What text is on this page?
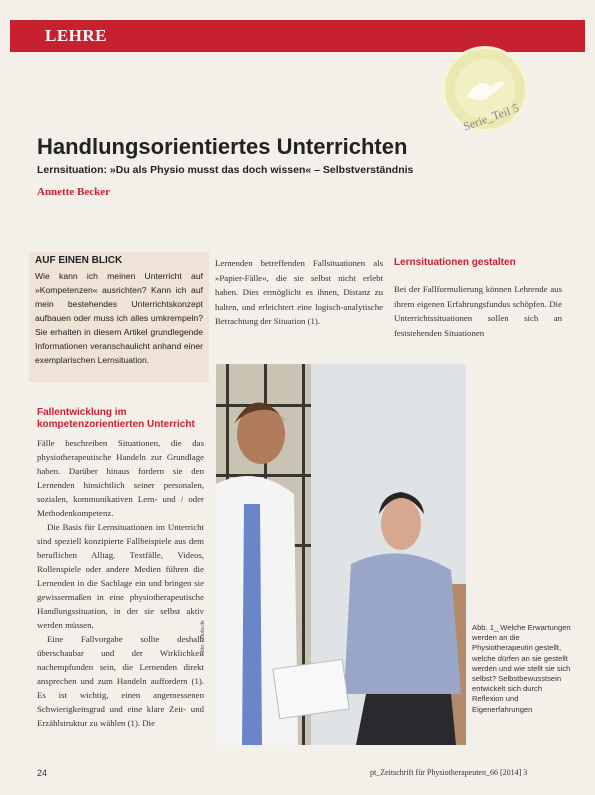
LEHRE
Serie_Teil 5
Handlungsorientiertes Unterrichten
Lernsituation: »Du als Physio musst das doch wissen« – Selbstverständnis
Annette Becker
AUF EINEN BLICK
Wie kann ich meinen Unterricht auf »Kompetenzen« ausrichten? Kann ich auf mein bestehendes Unterrichtskonzept aufbauen oder muss ich alles umkrempeln? Sie erhalten in diesem Artikel grundlegende Informationen veranschaulicht anhand einer exemplarischen Lernsituation.
Lernenden betreffenden Fallsituationen als »Papier-Fälle«, die sie selbst nicht erlebt haben. Dies ermöglicht es ihnen, Distanz zu halten, und erleichtert eine logisch-analytische Betrachtung der Situation (1).
Lernsituationen gestalten
Bei der Fallformulierung können Lehrende aus ihrem eigenen Erfahrungsfundus schöpfen. Die Unterrichtssituationen sollen sich an feststehenden Situationen
Fallentwicklung im kompetenzorientierten Unterricht

Fälle beschreiben Situationen, die das physiotherapeutische Handeln zur Grundlage haben. Darüber hinaus fordern sie den Lernenden hinsichtlich seiner personalen, sozialen, kommunikativen Lern- und / oder Methodenkompetenz.

Die Basis für Lernsituationen im Unterricht sind speziell konzipierte Fallbeispiele aus dem beruflichen Alltag. Textfälle, Videos, Rollenspiele oder andere Medien führen die Lernenden in die Sachlage ein und bringen sie gewissermaßen in eine physiotherapeutische Handlungssituation, in der sie selbst aktiv werden müssen.

Eine Fallvorgabe sollte deshalb überschaubar und der Wirklichkeit nachempfunden sein, die Lernenden direkt ansprechen und zum Handeln auffordern (1). Es ist wichtig, einen angemessenen Schwierigkeitsgrad und eine klare Zeit- und Erzählstruktur zu wählen (1). Die

Foto: Fotolia.de	Abb. 1_ Welche Erwartungen werden an die Physiotherapeutin gestellt, welche dürfen an sie gestellt werden und wie stellt sie sich selbst? Selbstbewusstsein entwickelt sich durch Reflexion und Eigenerfahrungen
24	pt_Zeitschrift für Physiotherapeuten_66 [2014] 3
